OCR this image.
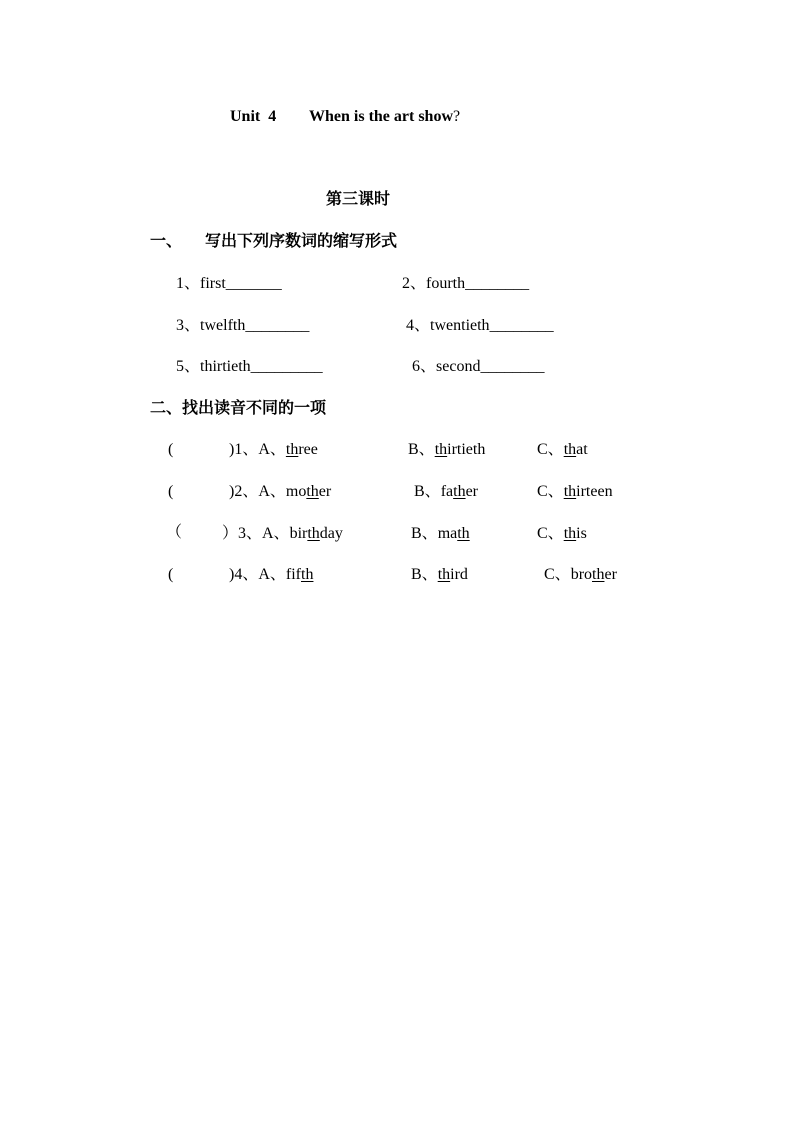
Unit  4 When is the art show?
第三课时
一、 写出下列序数词的缩写形式
1、first_______	2、fourth________
3、twelfth________	4、twentieth________
5、thirtieth_________	6、second________
二、找出读音不同的一项
(	)1、A、three	B、thirtieth	C、that
(	)2、A、mother	B、father	C、thirteen
（ ）3、A、birthday	B、math	C、this
(	)4、A、fifth	B、third	C、brother
